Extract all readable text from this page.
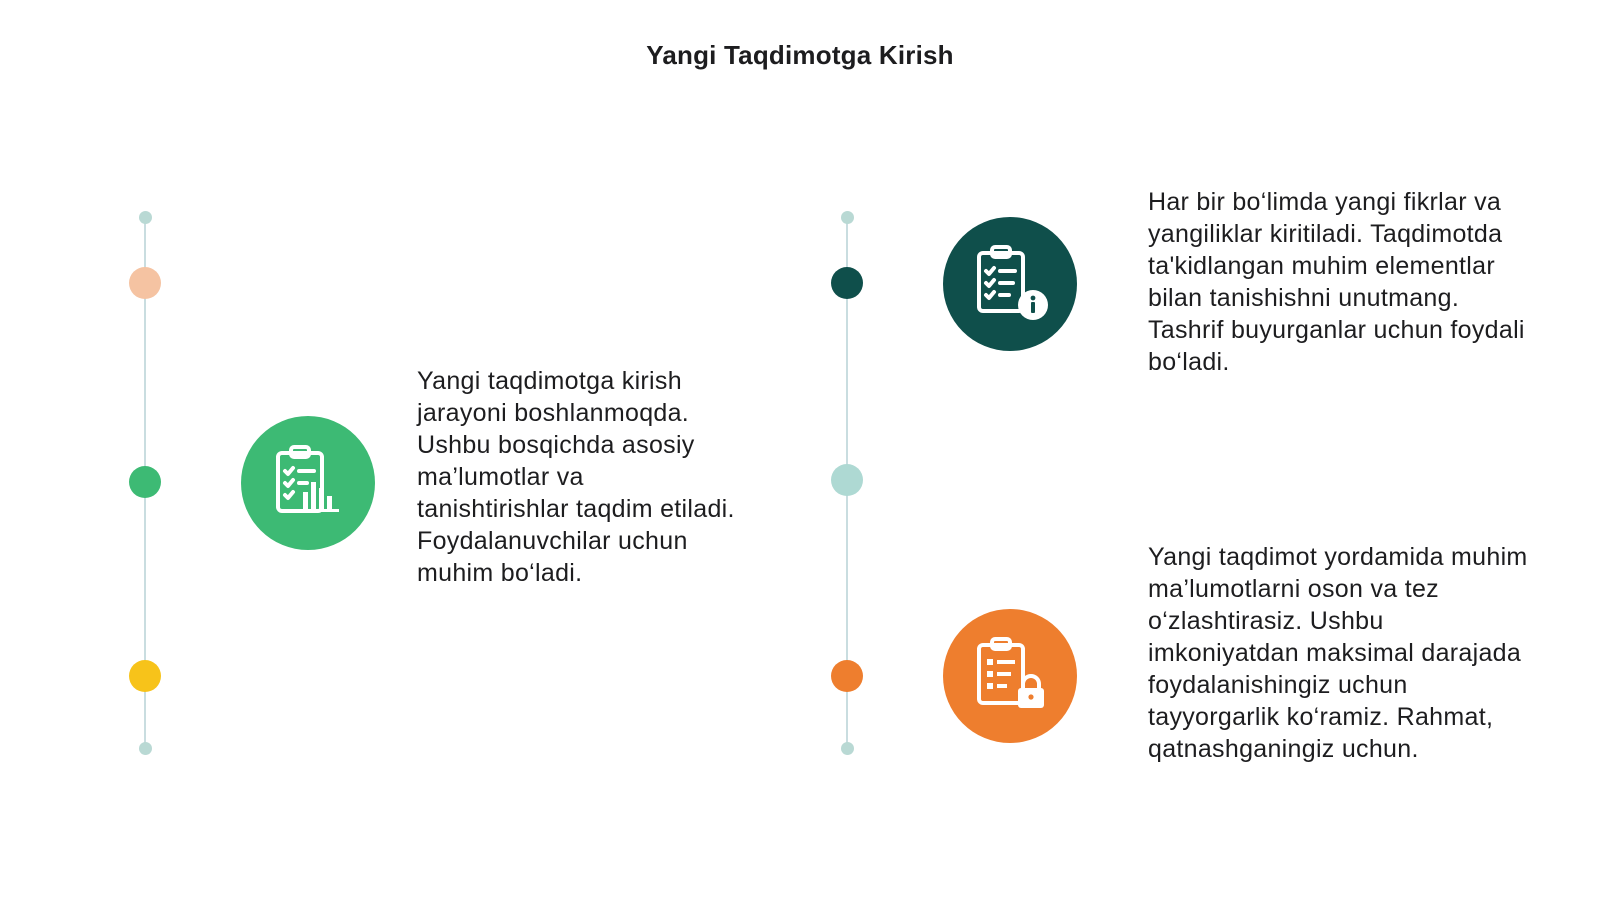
Yangi Taqdimotga Kirish
Yangi taqdimotga kirish jarayoni boshlanmoqda. Ushbu bosqichda asosiy ma’lumotlar va tanishtirishlar taqdim etiladi. Foydalanuvchilar uchun muhim bo‘ladi.
Har bir bo‘limda yangi fikrlar va yangiliklar kiritiladi. Taqdimotda ta'kidlangan muhim elementlar bilan tanishishni unutmang. Tashrif buyurganlar uchun foydali bo‘ladi.
Yangi taqdimot yordamida muhim ma’lumotlarni oson va tez o‘zlashtirasiz. Ushbu imkoniyatdan maksimal darajada foydalanishingiz uchun tayyorgarlik ko‘ramiz. Rahmat, qatnashganingiz uchun.
